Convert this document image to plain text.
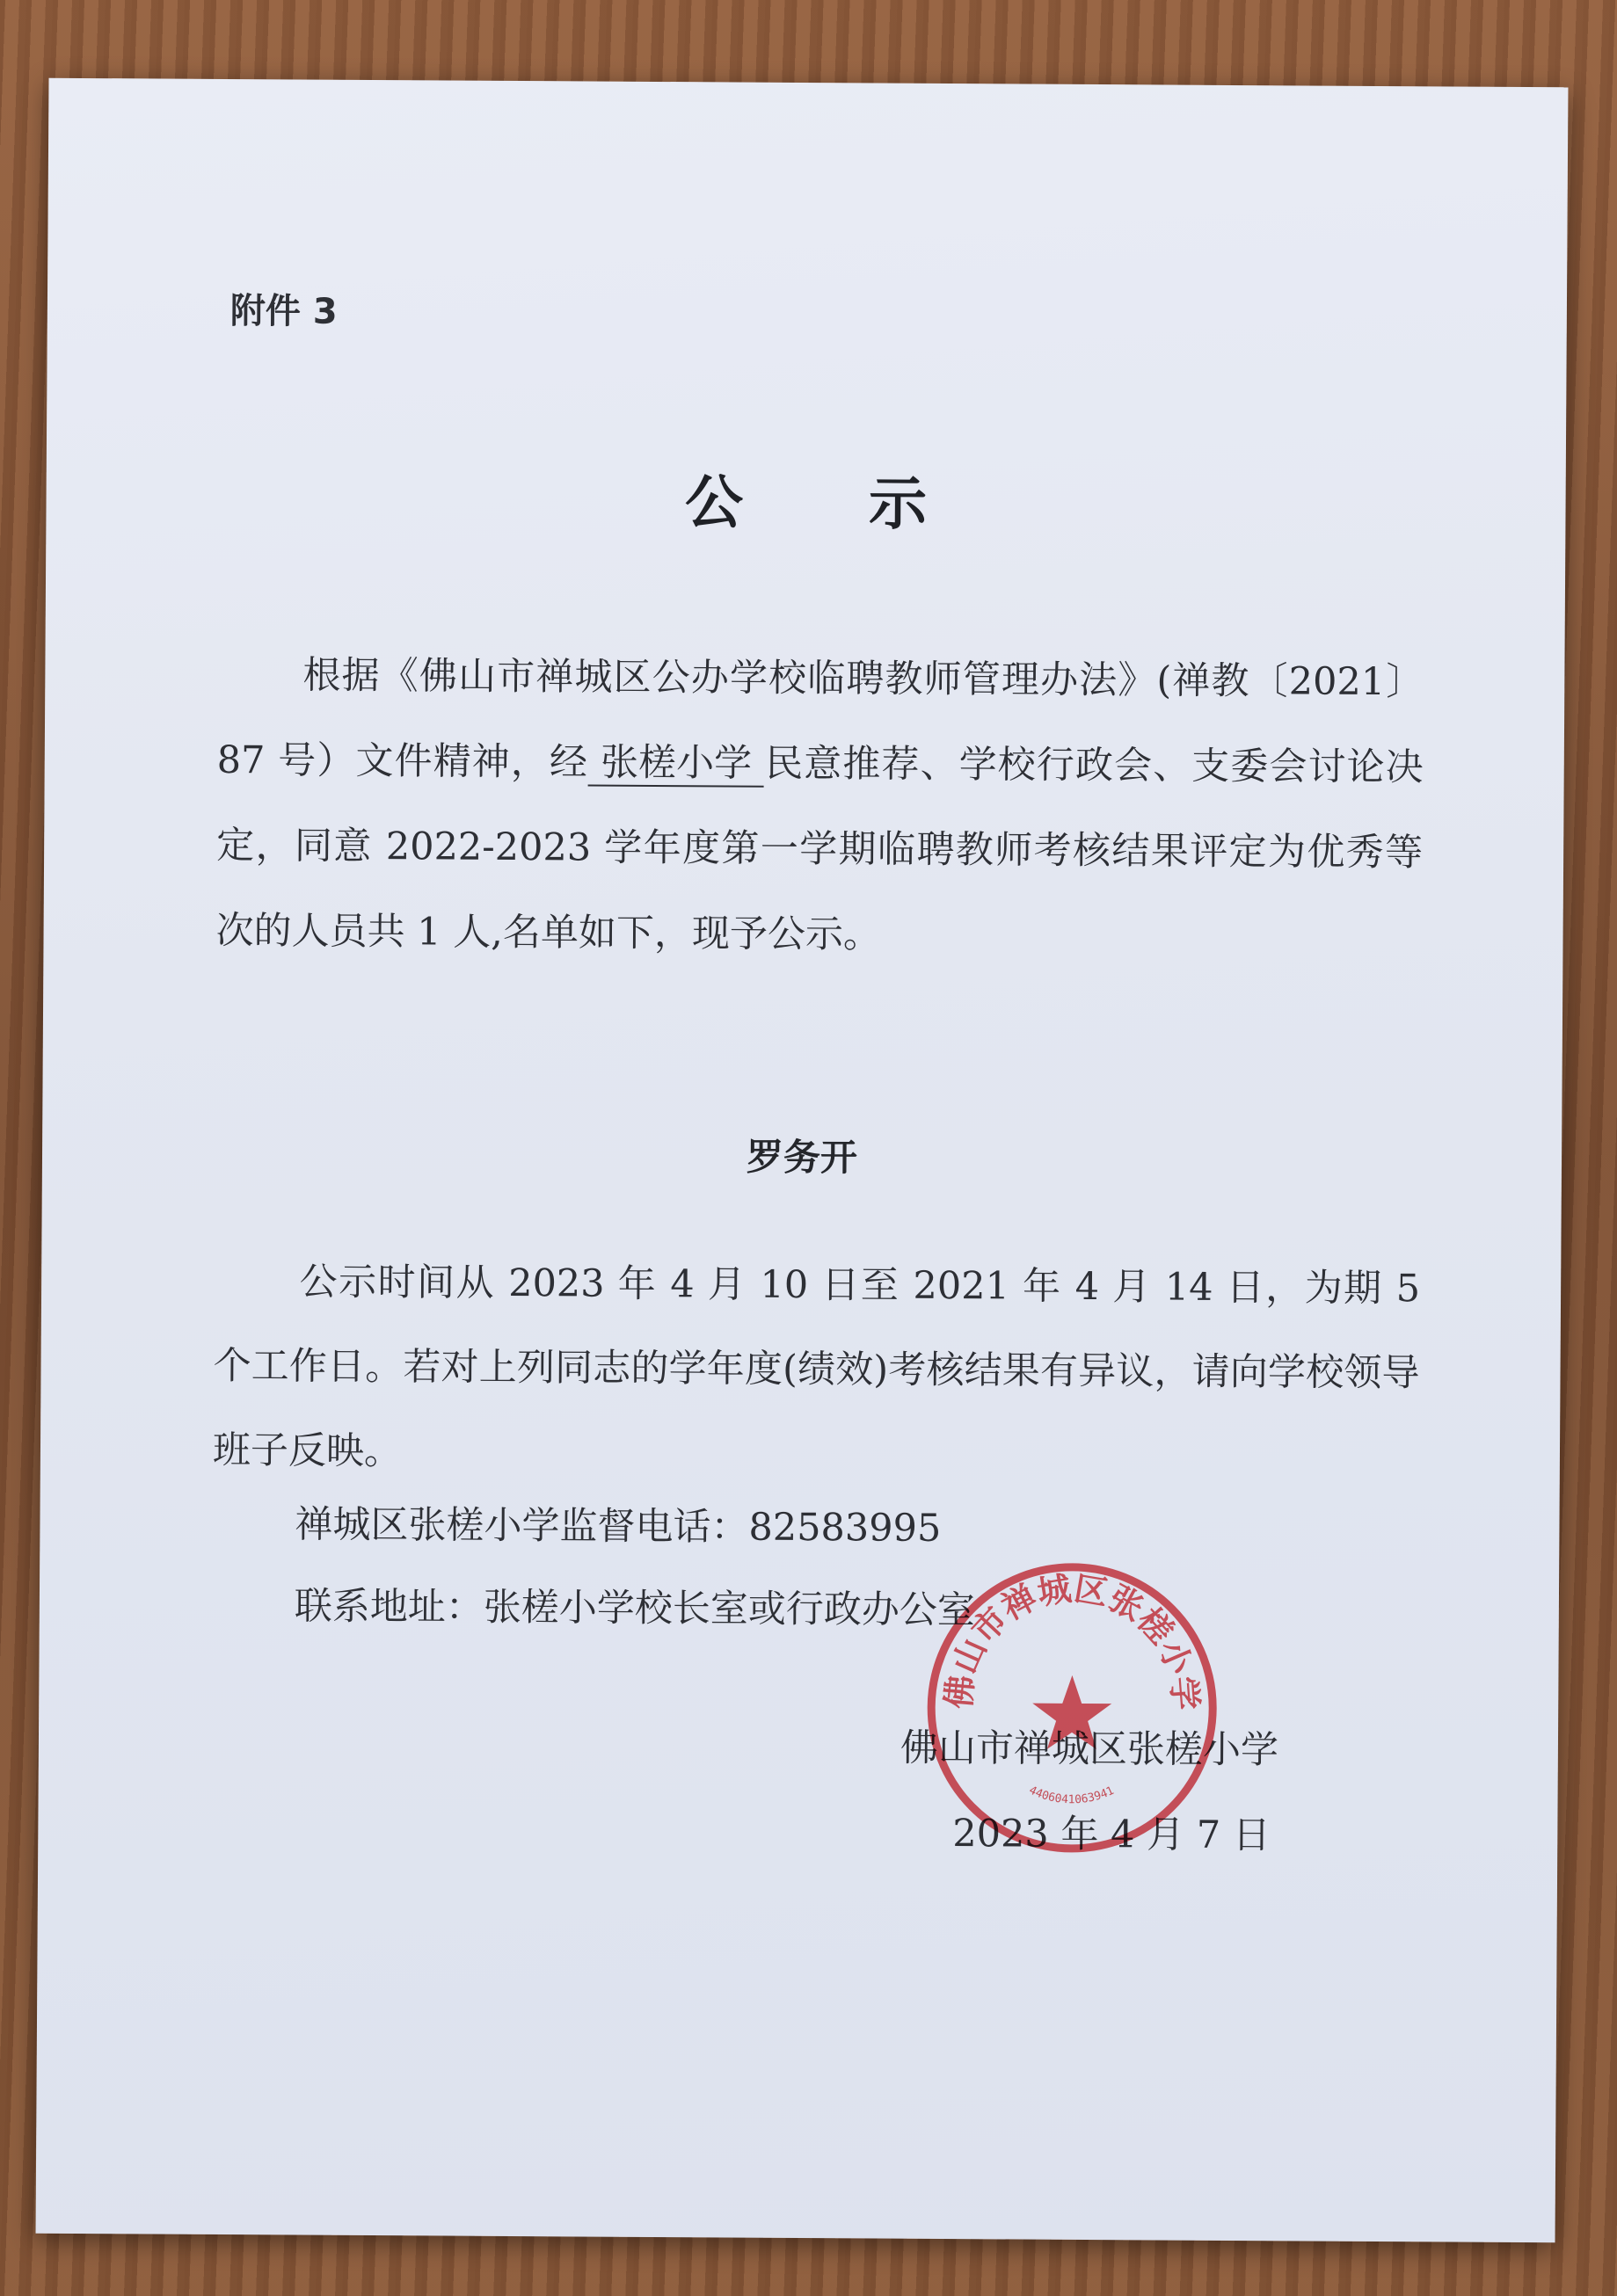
附件 3
公 示
根据《佛山市禅城区公办学校临聘教师管理办法》(禅教〔2021〕87 号）文件精神，经 张槎小学 民意推荐、学校行政会、支委会讨论决定，同意 2022-2023 学年度第一学期临聘教师考核结果评定为优秀等次的人员共 1 人,名单如下，现予公示。
罗务开
公示时间从 2023 年 4 月 10 日至 2021 年 4 月 14 日，为期 5 个工作日。若对上列同志的学年度(绩效)考核结果有异议，请向学校领导班子反映。
禅城区张槎小学监督电话：82583995
联系地址：张槎小学校长室或行政办公室
佛山市禅城区张槎小学
2023 年 4 月 7 日
佛山市禅城区张槎小学
4406041063941
